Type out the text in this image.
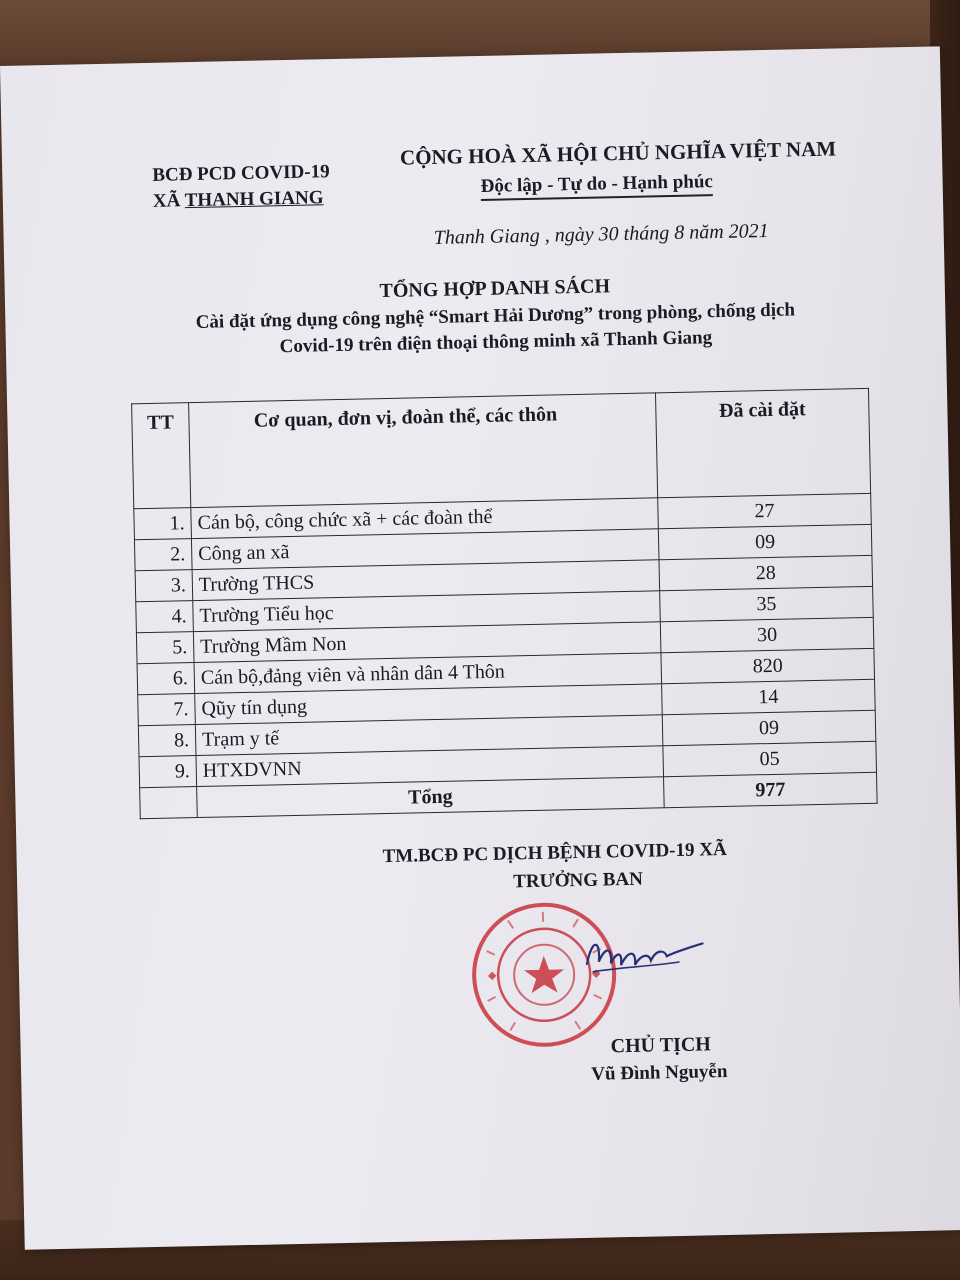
BCĐ PCD COVID-19
XÃ THANH GIANG
CỘNG HOÀ XÃ HỘI CHỦ NGHĨA VIỆT NAM
Độc lập - Tự do - Hạnh phúc
Thanh Giang , ngày 30 tháng 8 năm 2021
TỔNG HỢP DANH SÁCH
Cài đặt ứng dụng công nghệ “Smart Hải Dương” trong phòng, chống dịch
Covid-19 trên điện thoại thông minh xã Thanh Giang
TT	Cơ quan, đơn vị, đoàn thể, các thôn	Đã cài đặt
1.	Cán bộ, công chức xã + các đoàn thể	27
2.	Công an xã	09
3.	Trường THCS	28
4.	Trường Tiểu học	35
5.	Trường Mầm Non	30
6.	Cán bộ,đảng viên và nhân dân 4 Thôn	820
7.	Qũy tín dụng	14
8.	Trạm y tế	09
9.	HTXDVNN	05
	Tổng	977
TM.BCĐ PC DỊCH BỆNH COVID-19 XÃ
TRƯỞNG BAN
CHỦ TỊCH
Vũ Đình Nguyễn
